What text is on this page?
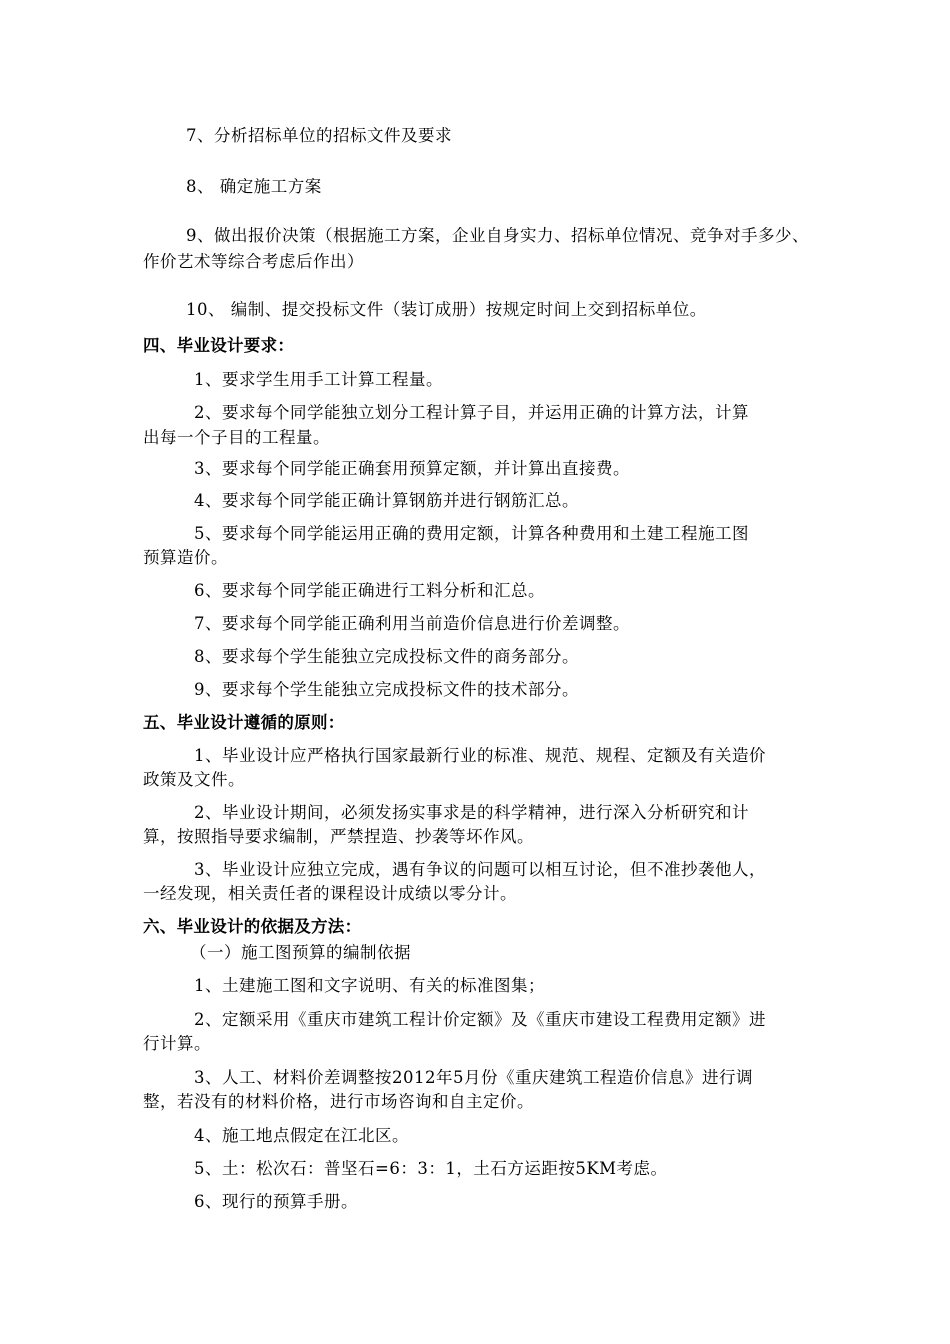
7、分析招标单位的招标文件及要求
8、 确定施工方案
9、做出报价决策（根据施工方案，企业自身实力、招标单位情况、竞争对手多少、
作价艺术等综合考虑后作出）
10、 编制、提交投标文件（装订成册）按规定时间上交到招标单位。
四、毕业设计要求：
1、要求学生用手工计算工程量。
2、要求每个同学能独立划分工程计算子目，并运用正确的计算方法，计算
出每一个子目的工程量。
3、要求每个同学能正确套用预算定额，并计算出直接费。
4、要求每个同学能正确计算钢筋并进行钢筋汇总。
5、要求每个同学能运用正确的费用定额，计算各种费用和土建工程施工图
预算造价。
6、要求每个同学能正确进行工料分析和汇总。
7、要求每个同学能正确利用当前造价信息进行价差调整。
8、要求每个学生能独立完成投标文件的商务部分。
9、要求每个学生能独立完成投标文件的技术部分。
五、毕业设计遵循的原则：
1、毕业设计应严格执行国家最新行业的标准、规范、规程、定额及有关造价
政策及文件。
2、毕业设计期间，必须发扬实事求是的科学精神，进行深入分析研究和计
算，按照指导要求编制，严禁捏造、抄袭等坏作风。
3、毕业设计应独立完成，遇有争议的问题可以相互讨论，但不准抄袭他人，
一经发现，相关责任者的课程设计成绩以零分计。
六、毕业设计的依据及方法：
（一）施工图预算的编制依据
1、土建施工图和文字说明、有关的标准图集；
2、定额采用《重庆市建筑工程计价定额》及《重庆市建设工程费用定额》进
行计算。
3、人工、材料价差调整按2012年5月份《重庆建筑工程造价信息》进行调
整，若没有的材料价格，进行市场咨询和自主定价。
4、施工地点假定在江北区。
5、土：松次石：普坚石=6：3：1，土石方运距按5KM考虑。
6、现行的预算手册。
